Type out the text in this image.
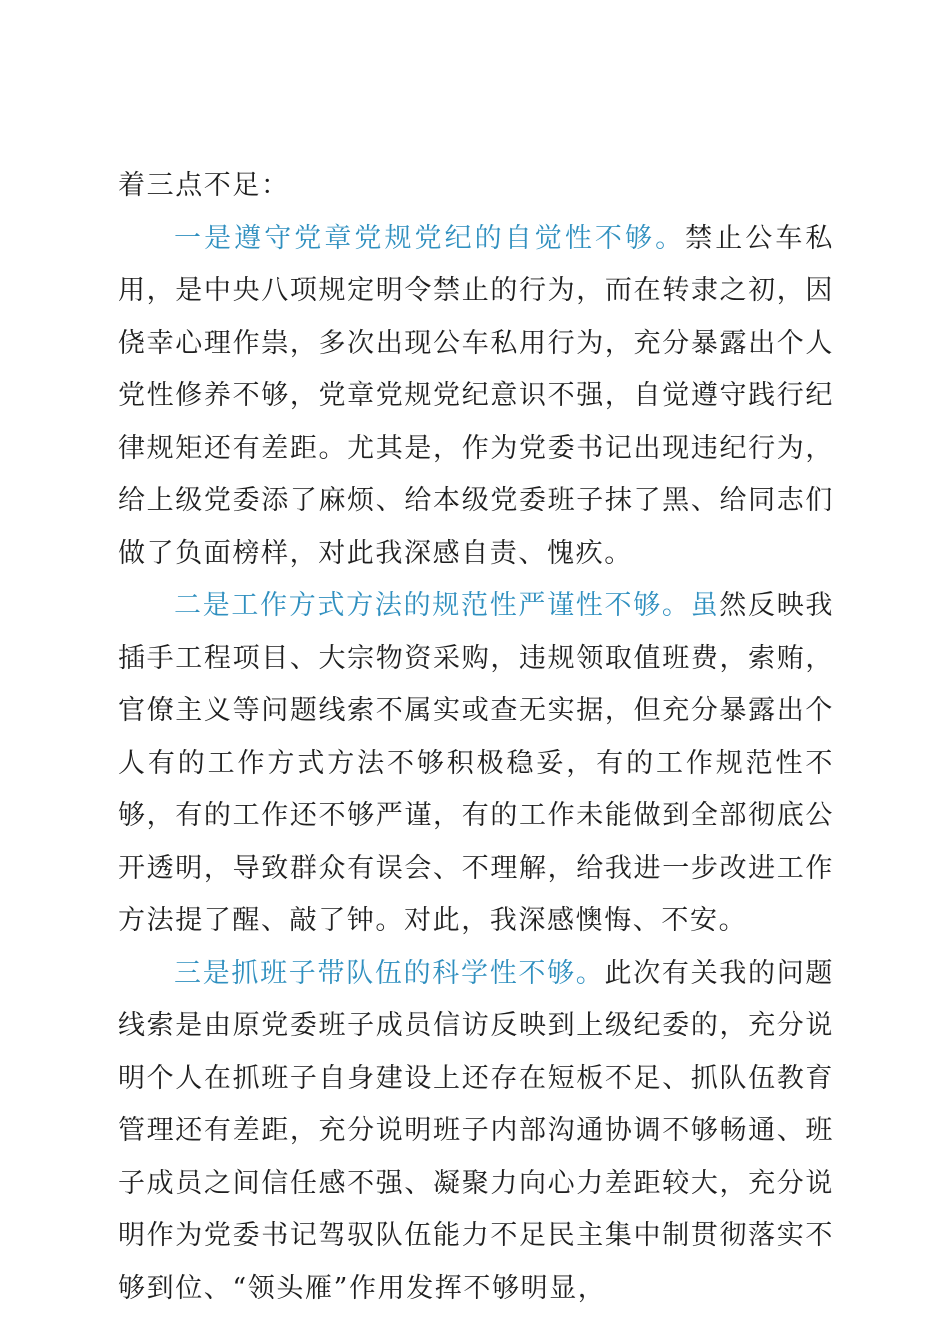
着三点不足：

一是遵守党章党规党纪的自觉性不够。禁止公车私用，是中央八项规定明令禁止的行为，而在转隶之初，因侥幸心理作祟，多次出现公车私用行为，充分暴露出个人党性修养不够，党章党规党纪意识不强，自觉遵守践行纪律规矩还有差距。尤其是，作为党委书记出现违纪行为，给上级党委添了麻烦、给本级党委班子抹了黑、给同志们做了负面榜样，对此我深感自责、愧疚。

二是工作方式方法的规范性严谨性不够。虽然反映我插手工程项目、大宗物资采购，违规领取值班费，索贿，官僚主义等问题线索不属实或查无实据，但充分暴露出个人有的工作方式方法不够积极稳妥，有的工作规范性不够，有的工作还不够严谨，有的工作未能做到全部彻底公开透明，导致群众有误会、不理解，给我进一步改进工作方法提了醒、敲了钟。对此，我深感懊悔、不安。

三是抓班子带队伍的科学性不够。此次有关我的问题线索是由原党委班子成员信访反映到上级纪委的，充分说明个人在抓班子自身建设上还存在短板不足、抓队伍教育管理还有差距，充分说明班子内部沟通协调不够畅通、班子成员之间信任感不强、凝聚力向心力差距较大，充分说明作为党委书记驾驭队伍能力不足民主集中制贯彻落实不够到位、“领头雁”作用发挥不够明显，
